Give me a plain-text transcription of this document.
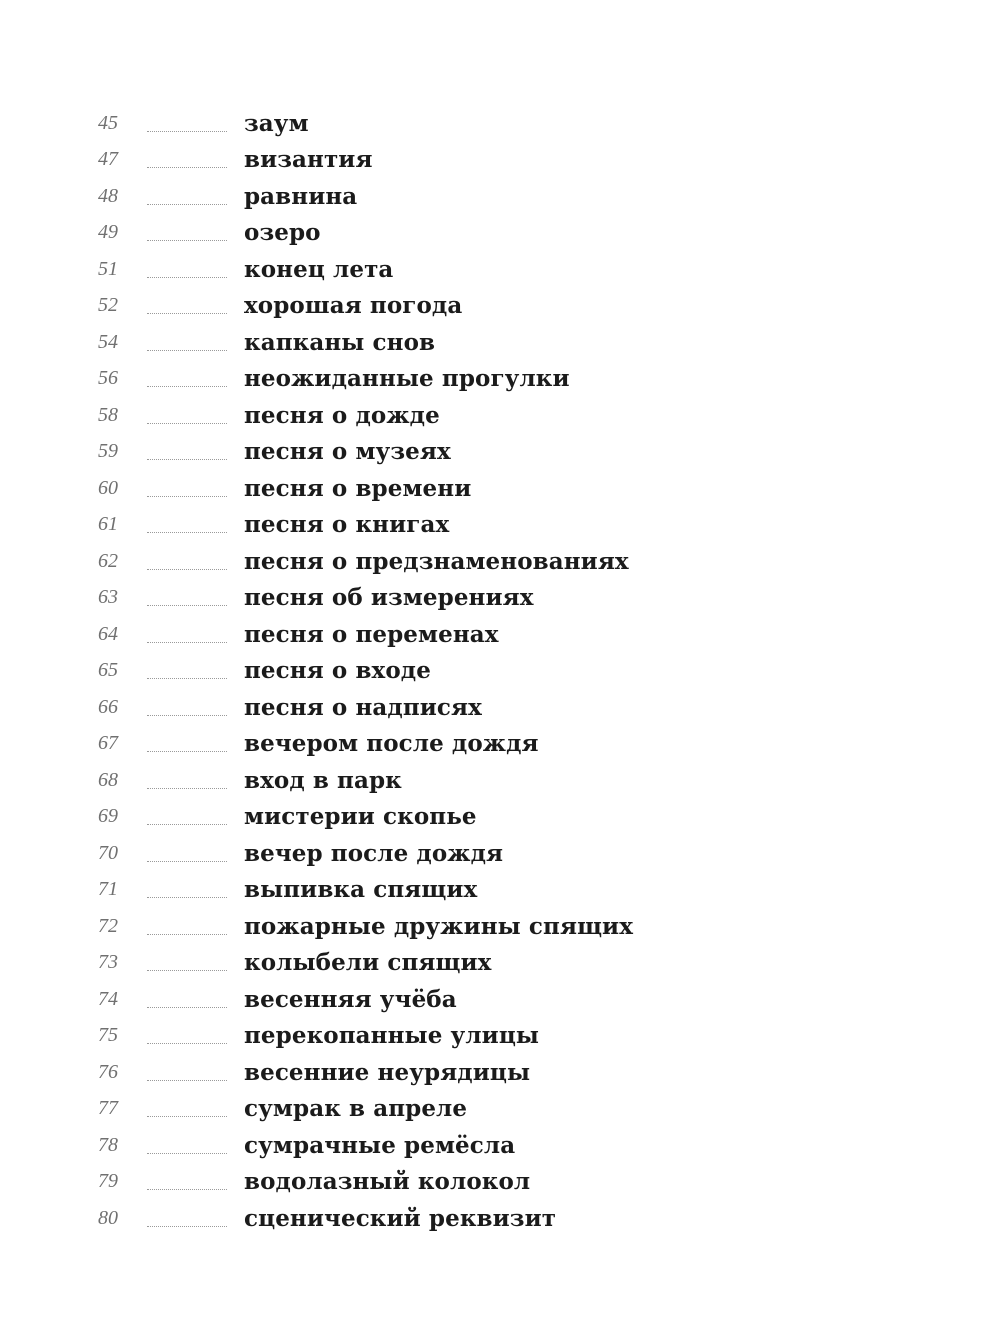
45	заум
47	византия
48	равнина
49	озеро
51	конец лета
52	хорошая погода
54	капканы снов
56	неожиданные прогулки
58	песня о дожде
59	песня о музеях
60	песня о времени
61	песня о книгах
62	песня о предзнаменованиях
63	песня об измерениях
64	песня о переменах
65	песня о входе
66	песня о надписях
67	вечером после дождя
68	вход в парк
69	мистерии скопье
70	вечер после дождя
71	выпивка спящих
72	пожарные дружины спящих
73	колыбели спящих
74	весенняя учёба
75	перекопанные улицы
76	весенние неурядицы
77	сумрак в апреле
78	сумрачные ремёсла
79	водолазный колокол
80	сценический реквизит
